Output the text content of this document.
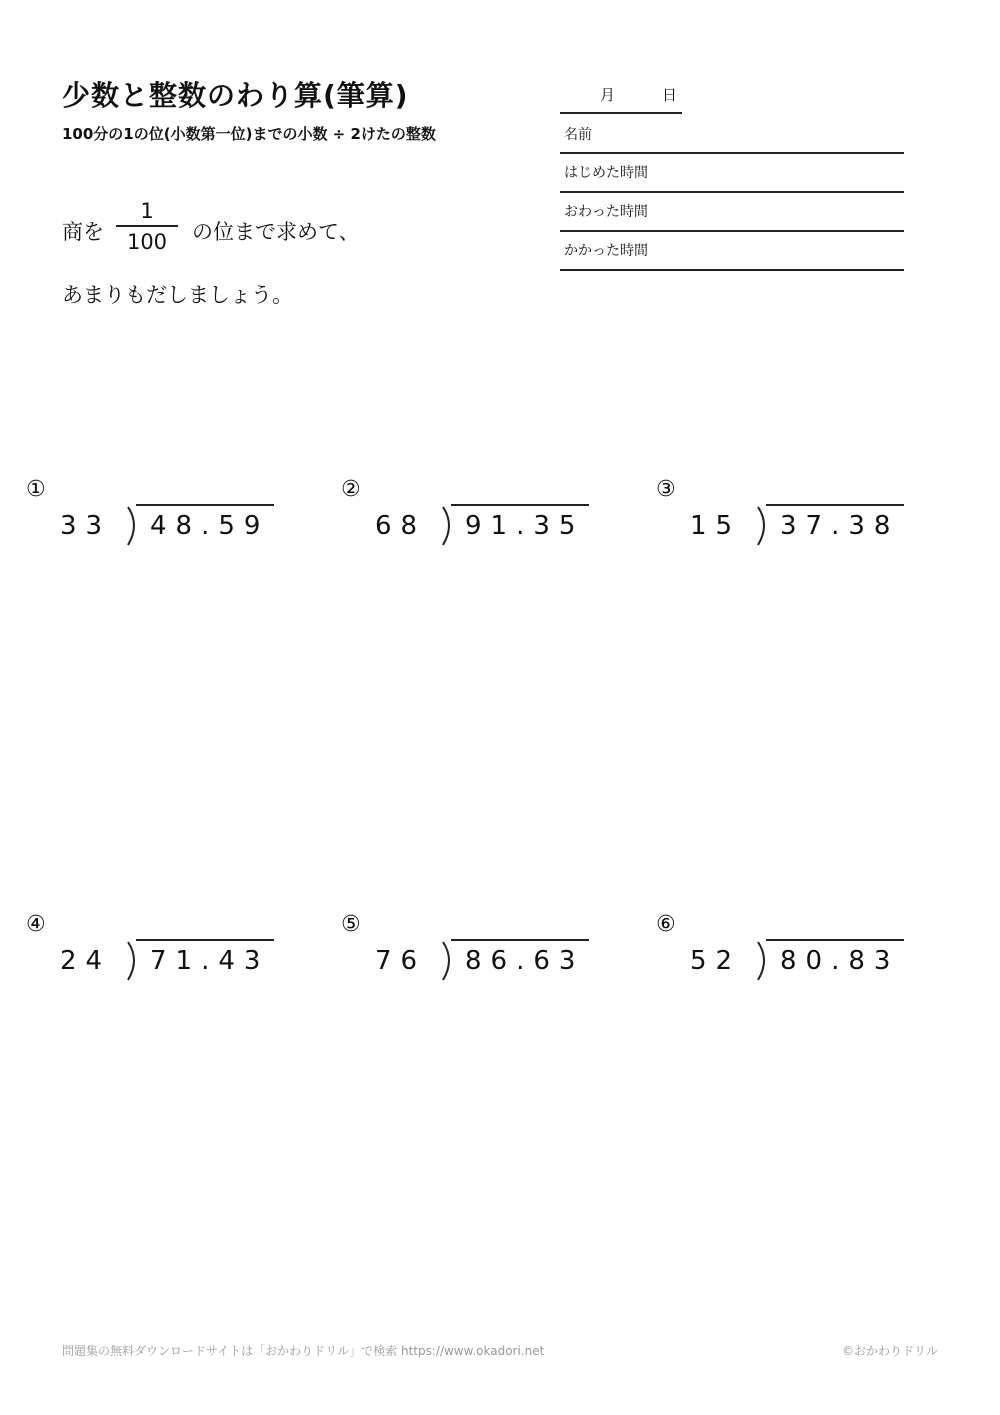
少数と整数のわり算(筆算)
100分の1の位(小数第一位)までの小数 ÷ 2けたの整数
月	日
名前
はじめた時間
おわった時間
かかった時間
商を $\frac{1}{100}$ の位まで求めて、
あまりもだしましょう。
①
33 48.59
②
68 91.35
③
15 37.38
④
24 71.43
⑤
76 86.63
⑥
52 80.83
問題集の無料ダウンロードサイトは「おかわりドリル」で検索 https://www.okadori.net	©おかわりドリル
